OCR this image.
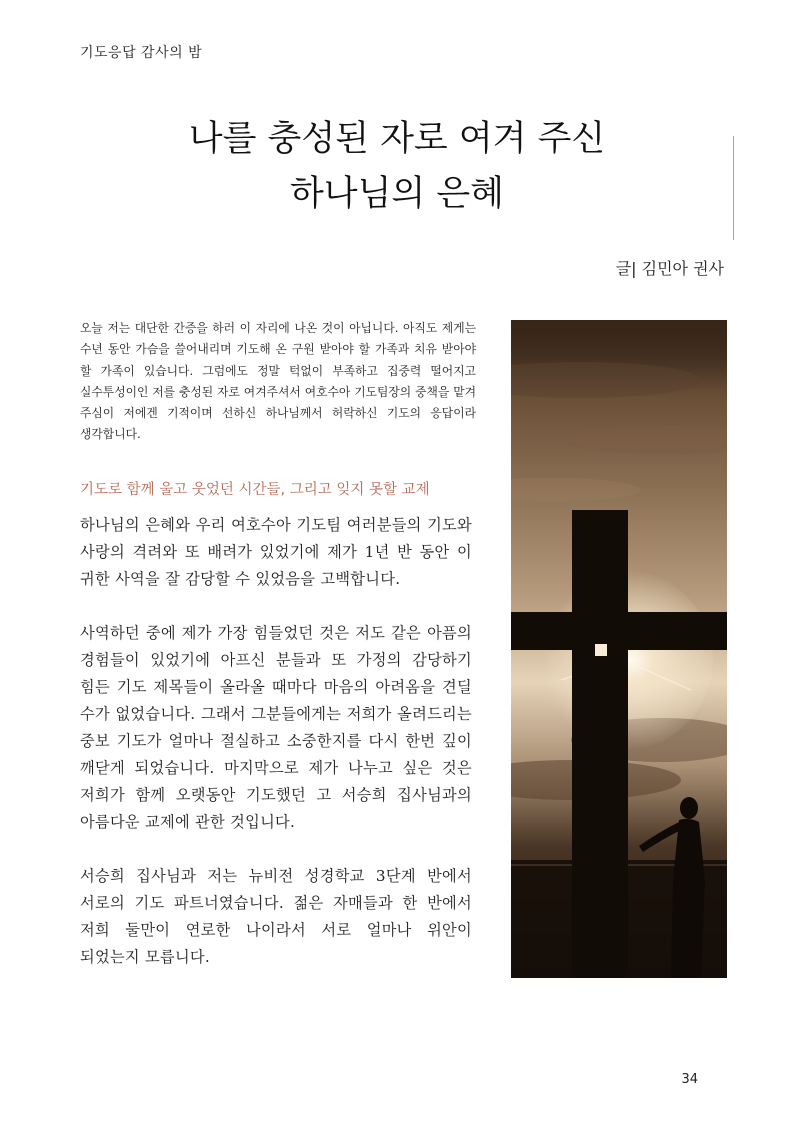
기도응답 감사의 밤
나를 충성된 자로 여겨 주신
하나님의 은혜
글| 김민아 권사
오늘 저는 대단한 간증을 하러 이 자리에 나온 것이 아닙니다. 아직도 제게는 수년 동안 가슴을 쓸어내리며 기도해 온 구원 받아야 할 가족과 치유 받아야 할 가족이 있습니다. 그럼에도 정말 턱없이 부족하고 집중력 떨어지고 실수투성이인 저를 충성된 자로 여겨주셔서 여호수아 기도팀장의 중책을 맡겨 주심이 저에겐 기적이며 선하신 하나님께서 허락하신 기도의 응답이라 생각합니다.
기도로 함께 울고 웃었던 시간들, 그리고 잊지 못할 교제

하나님의 은혜와 우리 여호수아 기도팀 여러분들의 기도와 사랑의 격려와 또 배려가 있었기에 제가 1년 반 동안 이 귀한 사역을 잘 감당할 수 있었음을 고백합니다.

사역하던 중에 제가 가장 힘들었던 것은 저도 같은 아픔의 경험들이 있었기에 아프신 분들과 또 가정의 감당하기 힘든 기도 제목들이 올라올 때마다 마음의 아려옴을 견딜 수가 없었습니다. 그래서 그분들에게는 저희가 올려드리는 중보 기도가 얼마나 절실하고 소중한지를 다시 한번 깊이 깨닫게 되었습니다. 마지막으로 제가 나누고 싶은 것은 저희가 함께 오랫동안 기도했던 고 서승희 집사님과의 아름다운 교제에 관한 것입니다.

서승희 집사님과 저는 뉴비전 성경학교 3단계 반에서 서로의 기도 파트너였습니다. 젊은 자매들과 한 반에서 저희 둘만이 연로한 나이라서 서로 얼마나 위안이 되었는지 모릅니다.

34
